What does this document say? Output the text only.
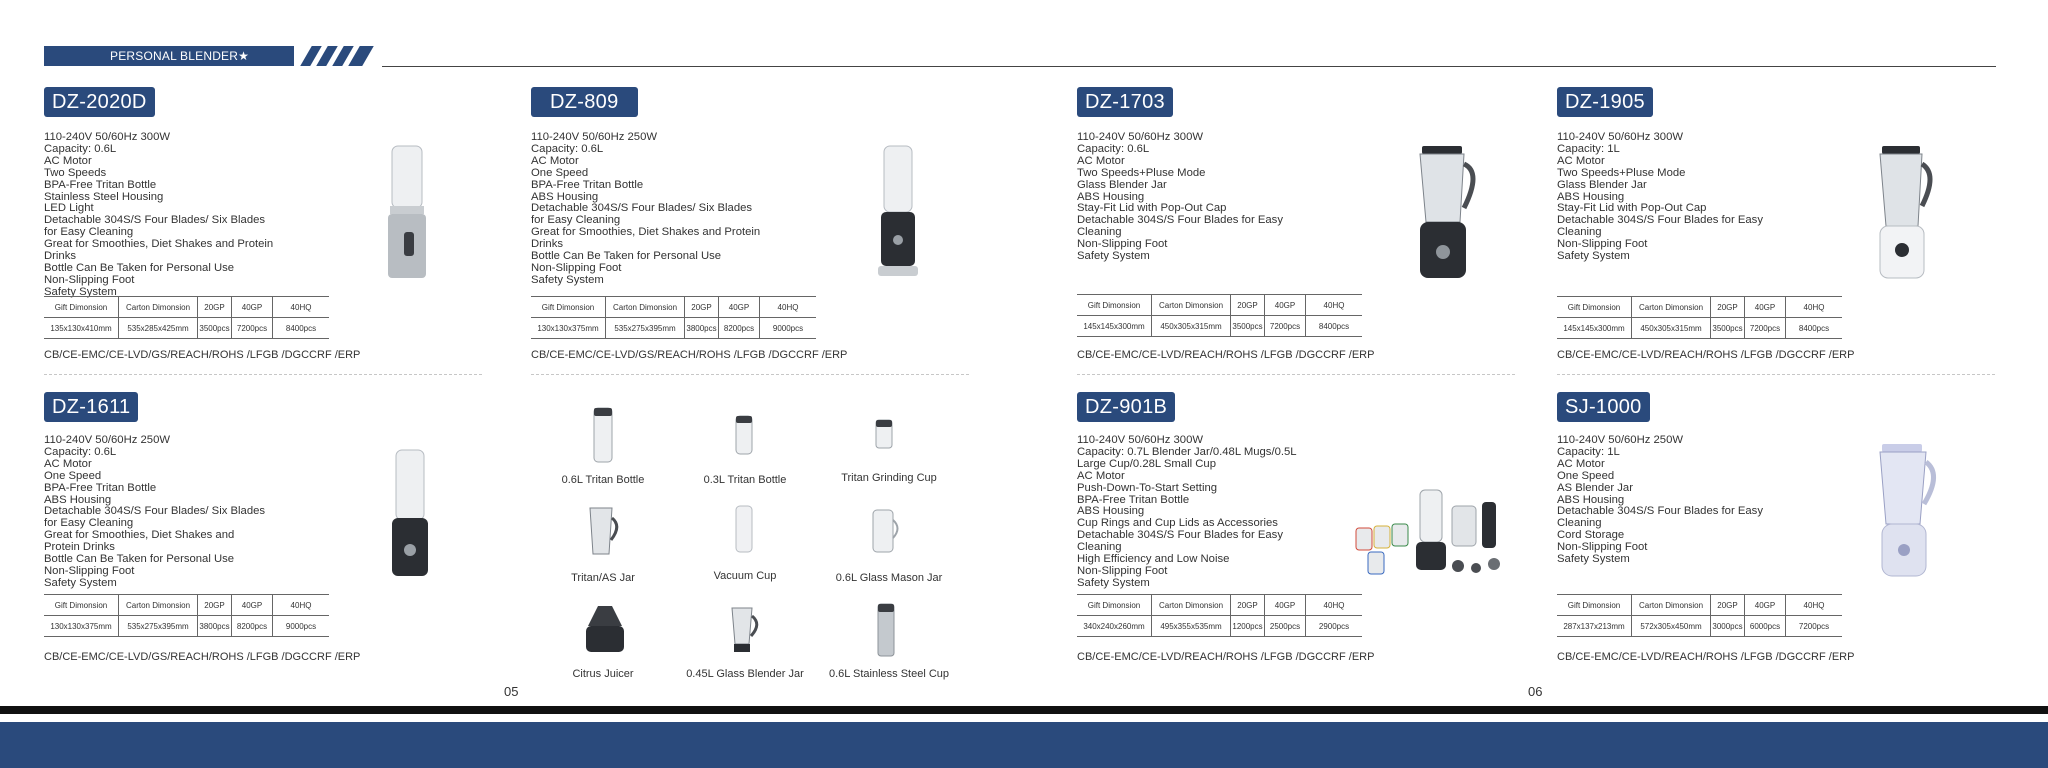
PERSONAL BLENDER★
DZ-2020D
110-240V 50/60Hz 300W
Capacity: 0.6L
AC Motor
Two Speeds
BPA-Free Tritan Bottle
Stainless Steel Housing
LED Light
Detachable 304S/S Four Blades/ Six Blades
for Easy Cleaning
Great for Smoothies, Diet Shakes and Protein
Drinks
Bottle Can Be Taken for Personal Use
Non-Slipping Foot
Safety System
Gift Dimonsion	Carton Dimonsion	20GP	40GP	40HQ
135x130x410mm	535x285x425mm	3500pcs	7200pcs	8400pcs
CB/CE-EMC/CE-LVD/GS/REACH/ROHS /LFGB /DGCCRF /ERP
DZ-809
110-240V 50/60Hz 250W
Capacity: 0.6L
AC Motor
One Speed
BPA-Free Tritan Bottle
ABS Housing
Detachable 304S/S Four Blades/ Six Blades
for Easy Cleaning
Great for Smoothies, Diet Shakes and Protein
Drinks
Bottle Can Be Taken for Personal Use
Non-Slipping Foot
Safety System
Gift Dimonsion	Carton Dimonsion	20GP	40GP	40HQ
130x130x375mm	535x275x395mm	3800pcs	8200pcs	9000pcs
CB/CE-EMC/CE-LVD/GS/REACH/ROHS /LFGB /DGCCRF /ERP
DZ-1703
110-240V 50/60Hz 300W
Capacity: 0.6L
AC Motor
Two Speeds+Pluse Mode
Glass Blender Jar
ABS Housing
Stay-Fit Lid with Pop-Out Cap
Detachable 304S/S Four Blades for Easy
Cleaning
Non-Slipping Foot
Safety System
Gift Dimonsion	Carton Dimonsion	20GP	40GP	40HQ
145x145x300mm	450x305x315mm	3500pcs	7200pcs	8400pcs
CB/CE-EMC/CE-LVD/REACH/ROHS /LFGB /DGCCRF /ERP
DZ-1905
110-240V 50/60Hz 300W
Capacity: 1L
AC Motor
Two Speeds+Pluse Mode
Glass Blender Jar
ABS Housing
Stay-Fit Lid with Pop-Out Cap
Detachable 304S/S Four Blades for Easy
Cleaning
Non-Slipping Foot
Safety System
Gift Dimonsion	Carton Dimonsion	20GP	40GP	40HQ
145x145x300mm	450x305x315mm	3500pcs	7200pcs	8400pcs
CB/CE-EMC/CE-LVD/REACH/ROHS /LFGB /DGCCRF /ERP
DZ-1611
110-240V 50/60Hz 250W
Capacity: 0.6L
AC Motor
One Speed
BPA-Free Tritan Bottle
ABS Housing
Detachable 304S/S Four Blades/ Six Blades
for Easy Cleaning
Great for Smoothies, Diet Shakes and
Protein Drinks
Bottle Can Be Taken for Personal Use
Non-Slipping Foot
Safety System
Gift Dimonsion	Carton Dimonsion	20GP	40GP	40HQ
130x130x375mm	535x275x395mm	3800pcs	8200pcs	9000pcs
CB/CE-EMC/CE-LVD/GS/REACH/ROHS /LFGB /DGCCRF /ERP
0.6L Tritan Bottle	0.3L Tritan Bottle	Tritan Grinding Cup
Tritan/AS Jar	Vacuum Cup	0.6L Glass Mason Jar
Citrus Juicer	0.45L Glass Blender Jar	0.6L Stainless Steel Cup
DZ-901B
110-240V 50/60Hz 300W
Capacity: 0.7L Blender Jar/0.48L Mugs/0.5L
Large Cup/0.28L Small Cup
AC Motor
Push-Down-To-Start Setting
BPA-Free Tritan Bottle
ABS Housing
Cup Rings and Cup Lids as Accessories
Detachable 304S/S Four Blades for Easy
Cleaning
High Efficiency and Low Noise
Non-Slipping Foot
Safety System
Gift Dimonsion	Carton Dimonsion	20GP	40GP	40HQ
340x240x260mm	495x355x535mm	1200pcs	2500pcs	2900pcs
CB/CE-EMC/CE-LVD/REACH/ROHS /LFGB /DGCCRF /ERP
SJ-1000
110-240V 50/60Hz 250W
Capacity: 1L
AC Motor
One Speed
AS Blender Jar
ABS Housing
Detachable 304S/S Four Blades for Easy
Cleaning
Cord Storage
Non-Slipping Foot
Safety System
Gift Dimonsion	Carton Dimonsion	20GP	40GP	40HQ
287x137x213mm	572x305x450mm	3000pcs	6000pcs	7200pcs
CB/CE-EMC/CE-LVD/REACH/ROHS /LFGB /DGCCRF /ERP
05	06
